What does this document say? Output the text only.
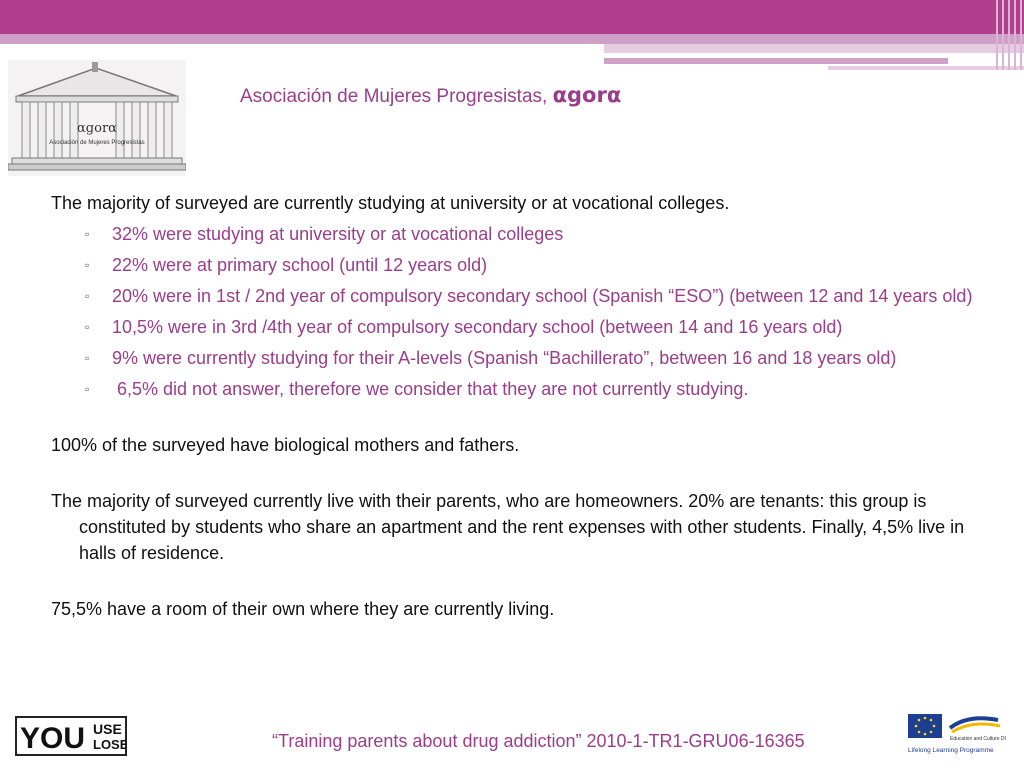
αgorα
Asociación de Mujeres Progresistas
Asociación de Mujeres Progresistas, αgorα

The majority of surveyed are currently studying at university or at vocational colleges.

▫ 32% were studying at university or at vocational colleges
▫ 22% were at primary school (until 12 years old)
▫ 20% were in 1st / 2nd year of compulsory secondary school (Spanish “ESO”) (between 12 and 14 years old)
▫ 10,5% were in 3rd /4th year of compulsory secondary school (between 14 and 16 years old)
▫ 9% were currently studying for their A-levels (Spanish “Bachillerato”, between 16 and 18 years old)
▫ 6,5% did not answer, therefore we consider that they are not currently studying.

100% of the surveyed have biological mothers and fathers.

The majority of surveyed currently live with their parents, who are homeowners. 20% are tenants: this group is constituted by students who share an apartment and the rent expenses with other students. Finally, 4,5% live in halls of residence.

75,5% have a room of their own where they are currently living.

YOU USE
LOSE	“Training parents about drug addiction” 2010-1-TR1-GRU06-16365	Education and Culture DG
Lifelong Learning Programme
